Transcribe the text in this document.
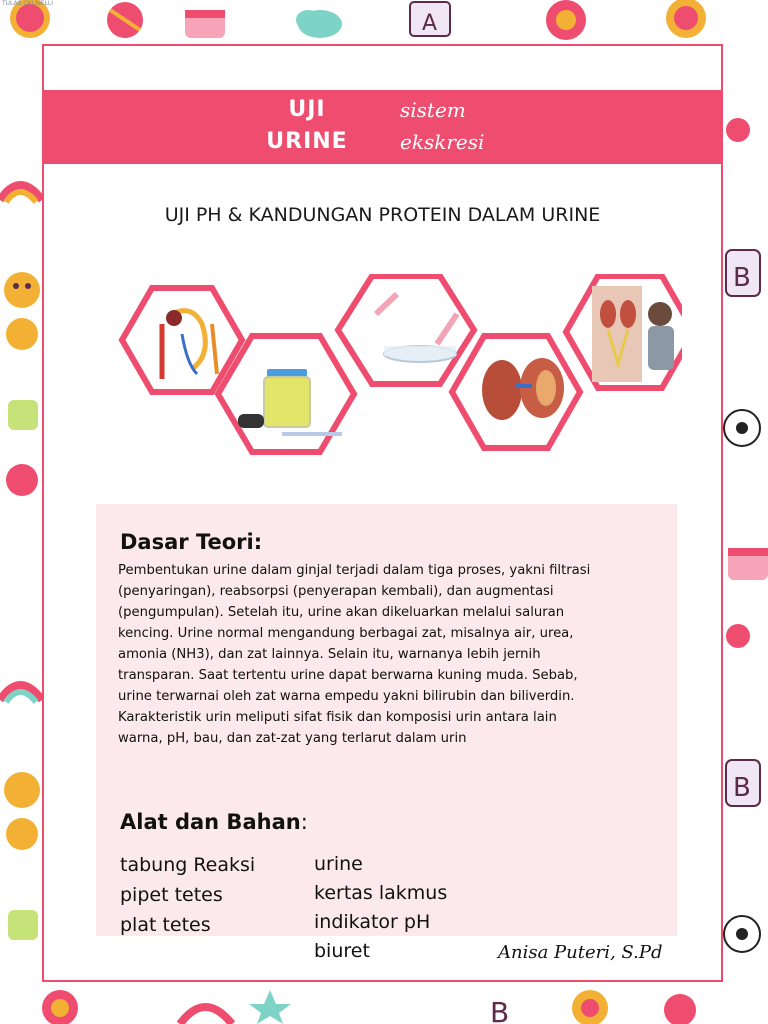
A
B
B
B
TULAS OKUNELLI
UJI
URINE
sistem
ekskresi
UJI PH & KANDUNGAN PROTEIN DALAM URINE
Dasar Teori:
Pembentukan urine dalam ginjal terjadi dalam tiga proses, yakni filtrasi
(penyaringan), reabsorpsi (penyerapan kembali), dan augmentasi
(pengumpulan). Setelah itu, urine akan dikeluarkan melalui saluran
kencing. Urine normal mengandung berbagai zat, misalnya air, urea,
amonia (NH3), dan zat lainnya. Selain itu, warnanya lebih jernih
transparan. Saat tertentu urine dapat berwarna kuning muda. Sebab,
urine terwarnai oleh zat warna empedu yakni bilirubin dan biliverdin.
Karakteristik urin meliputi sifat fisik dan komposisi urin antara lain
warna, pH, bau, dan zat-zat yang terlarut dalam urin
Alat dan Bahan:
tabung Reaksi
pipet tetes
plat tetes
urine
kertas lakmus
indikator pH
biuret	Anisa Puteri, S.Pd
